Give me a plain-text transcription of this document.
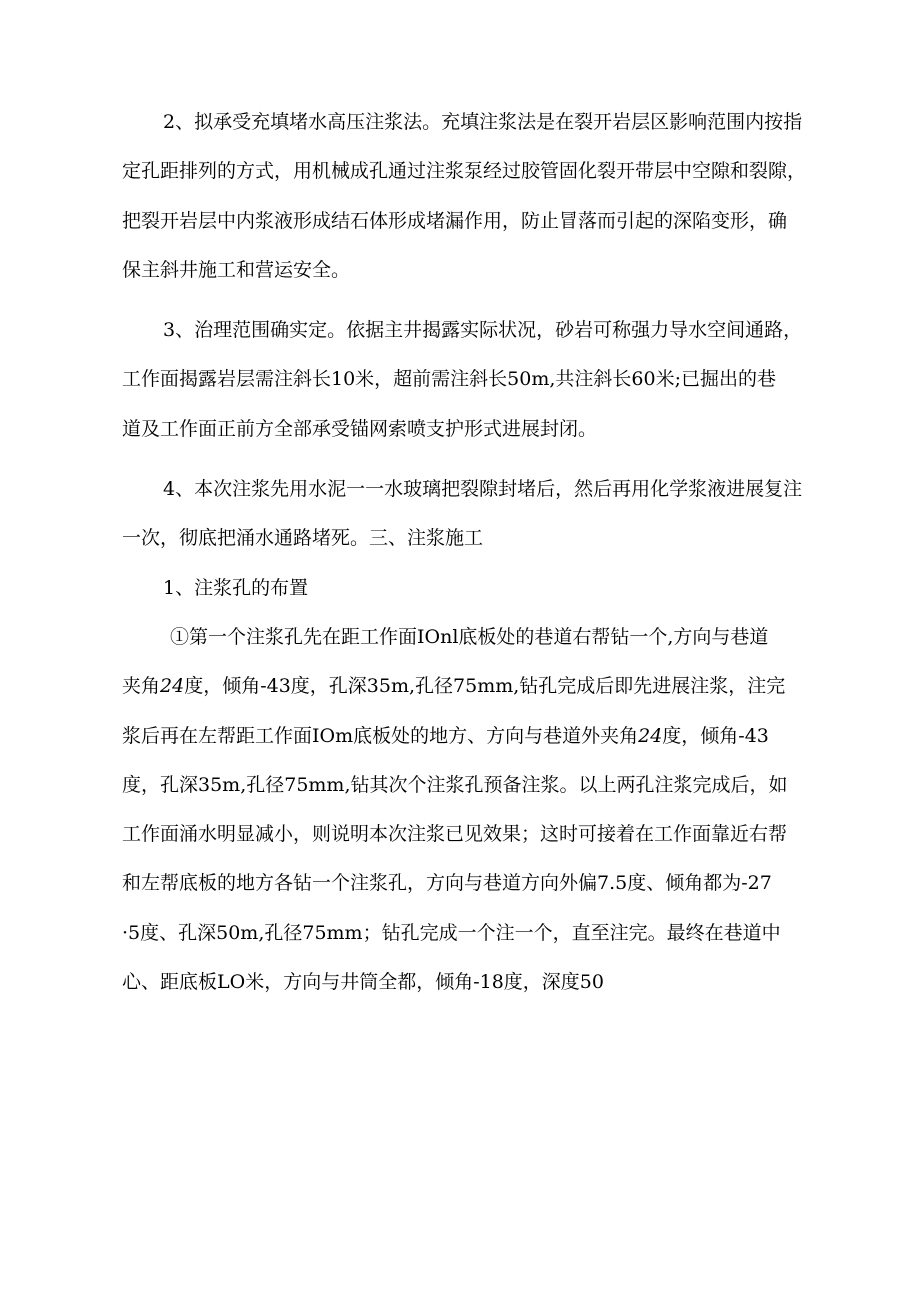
2、拟承受充填堵水高压注浆法。充填注浆法是在裂开岩层区影响范围内按指
定孔距排列的方式，用机械成孔通过注浆泵经过胶管固化裂开带层中空隙和裂隙，
把裂开岩层中内浆液形成结石体形成堵漏作用，防止冒落而引起的深陷变形，确
保主斜井施工和营运安全。
3、治理范围确实定。依据主井揭露实际状况，砂岩可称强力导水空间通路，
工作面揭露岩层需注斜长10米，超前需注斜长50m,共注斜长60米;已掘出的巷
道及工作面正前方全部承受锚网索喷支护形式进展封闭。
4、本次注浆先用水泥一一水玻璃把裂隙封堵后，然后再用化学浆液进展复注
一次，彻底把涌水通路堵死。三、注浆施工
1、注浆孔的布置
①第一个注浆孔先在距工作面IOnl底板处的巷道右帮钻一个,方向与巷道
夹角24度，倾角-43度，孔深35m,孔径75mm,钻孔完成后即先进展注浆，注完
浆后再在左帮距工作面IOm底板处的地方、方向与巷道外夹角24度，倾角-43
度，孔深35m,孔径75mm,钻其次个注浆孔预备注浆。以上两孔注浆完成后，如
工作面涌水明显减小，则说明本次注浆已见效果；这时可接着在工作面靠近右帮
和左帮底板的地方各钻一个注浆孔，方向与巷道方向外偏7.5度、倾角都为-27
·5度、孔深50m,孔径75mm；钻孔完成一个注一个，直至注完。最终在巷道中
心、距底板LO米，方向与井筒全都，倾角-18度，深度50
